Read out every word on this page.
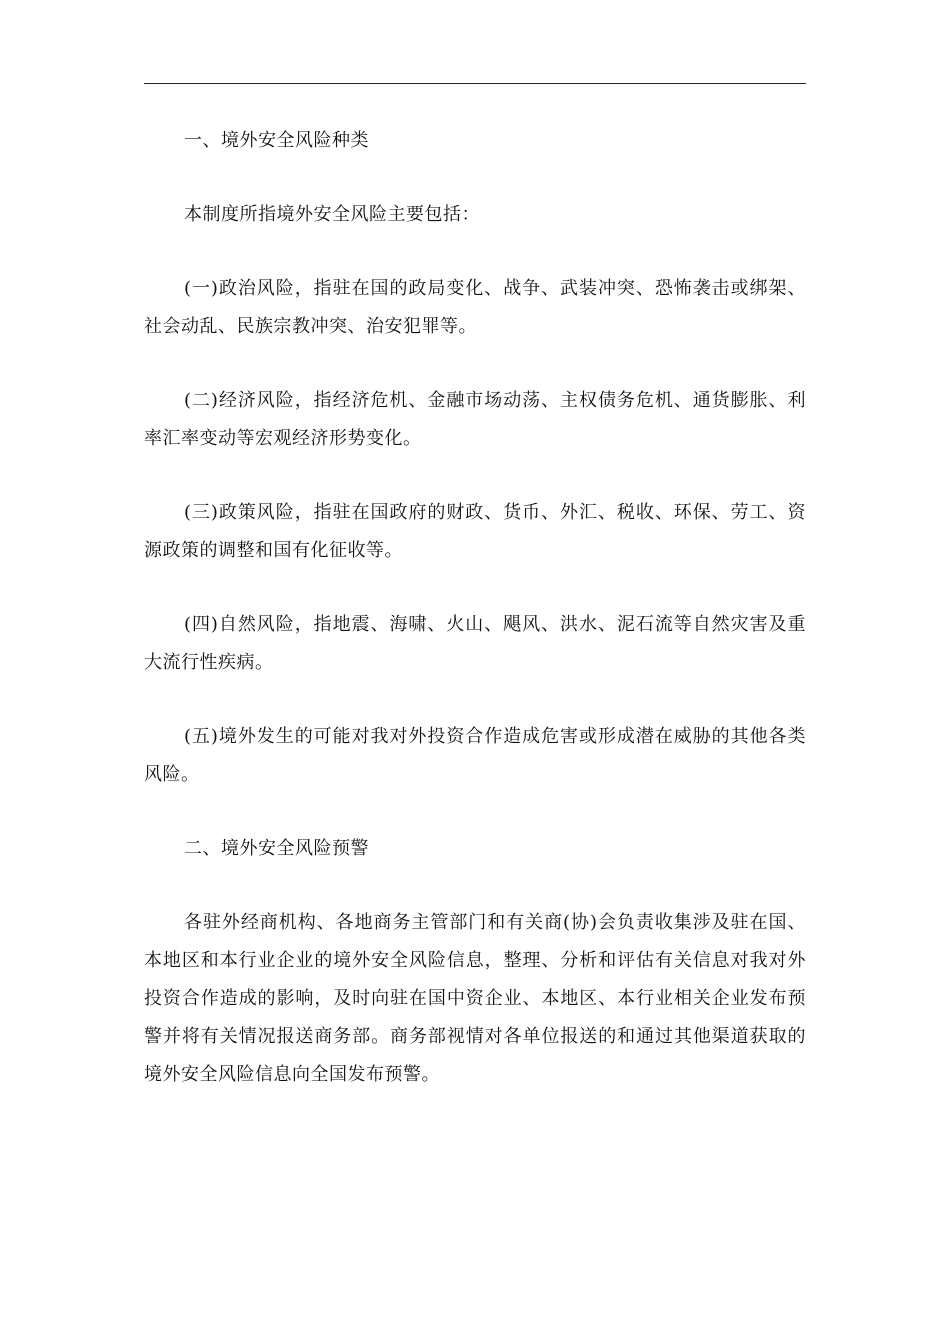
一、境外安全风险种类

本制度所指境外安全风险主要包括：

(一)政治风险，指驻在国的政局变化、战争、武装冲突、恐怖袭击或绑架、社会动乱、民族宗教冲突、治安犯罪等。

(二)经济风险，指经济危机、金融市场动荡、主权债务危机、通货膨胀、利率汇率变动等宏观经济形势变化。

(三)政策风险，指驻在国政府的财政、货币、外汇、税收、环保、劳工、资源政策的调整和国有化征收等。

(四)自然风险，指地震、海啸、火山、飓风、洪水、泥石流等自然灾害及重大流行性疾病。

(五)境外发生的可能对我对外投资合作造成危害或形成潜在威胁的其他各类风险。

二、境外安全风险预警

各驻外经商机构、各地商务主管部门和有关商(协)会负责收集涉及驻在国、本地区和本行业企业的境外安全风险信息，整理、分析和评估有关信息对我对外投资合作造成的影响，及时向驻在国中资企业、本地区、本行业相关企业发布预警并将有关情况报送商务部。商务部视情对各单位报送的和通过其他渠道获取的境外安全风险信息向全国发布预警。
